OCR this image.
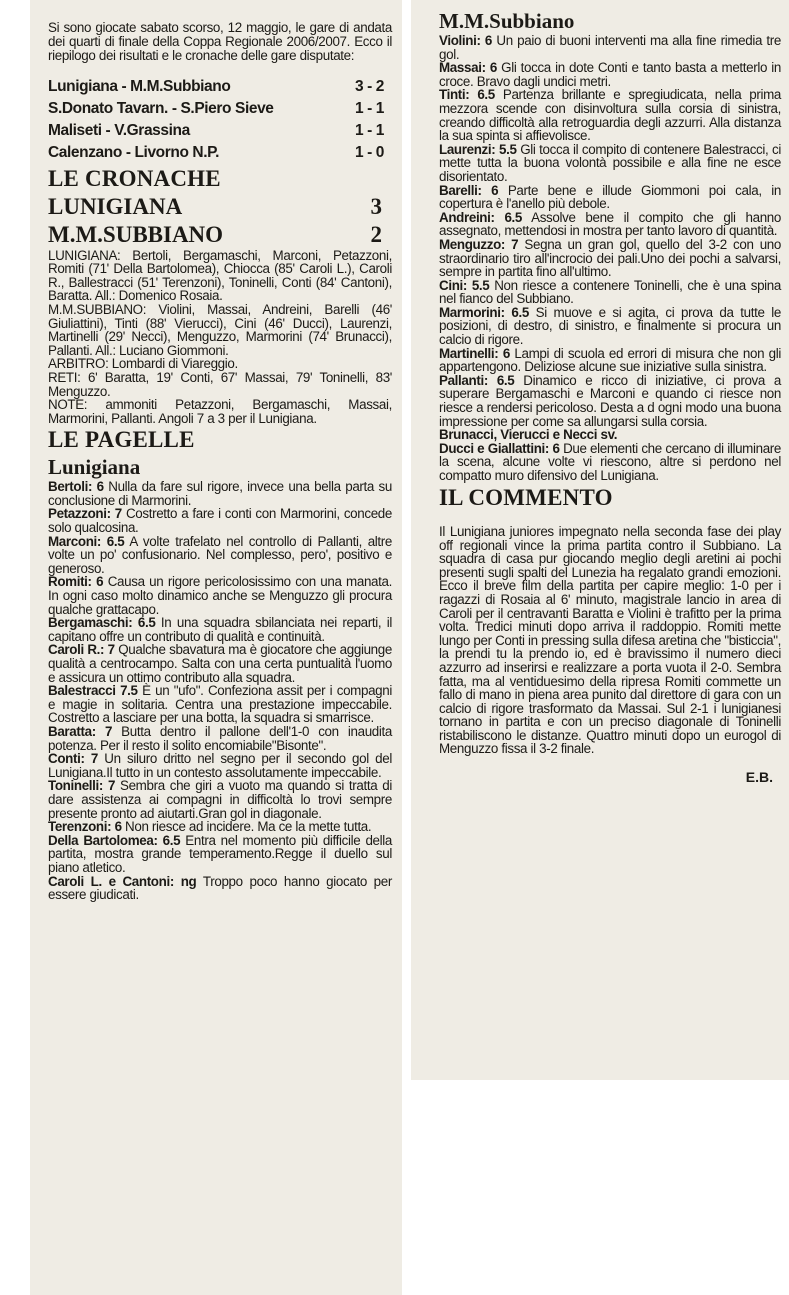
Si sono giocate sabato scorso, 12 maggio, le gare di andata dei quarti di finale della Coppa Regionale 2006/2007. Ecco il riepilogo dei risultati e le cronache delle gare disputate:

Lunigiana - M.M.Subbiano	3 - 2
S.Donato Tavarn. - S.Piero Sieve	1 - 1
Maliseti - V.Grassina	1 - 1
Calenzano - Livorno N.P.	1 - 0
LE CRONACHE
LUNIGIANA	3
M.M.SUBBIANO	2

LUNIGIANA: Bertoli, Bergamaschi, Marconi, Petazzoni, Romiti (71' Della Bartolomea), Chiocca (85' Caroli L.), Caroli R., Ballestracci (51' Terenzoni), Toninelli, Conti (84' Cantoni), Baratta. All.: Domenico Rosaia.

M.M.SUBBIANO: Violini, Massai, Andreini, Barelli (46' Giuliattini), Tinti (88' Vierucci), Cini (46' Ducci), Laurenzi, Martinelli (29' Necci), Menguzzo, Marmorini (74' Brunacci), Pallanti. All.: Luciano Giommoni.

ARBITRO: Lombardi di Viareggio.

RETI: 6' Baratta, 19' Conti, 67' Massai, 79' Toninelli, 83' Menguzzo.

NOTE: ammoniti Petazzoni, Bergamaschi, Massai, Marmorini, Pallanti. Angoli 7 a 3 per il Lunigiana.

LE PAGELLE
Lunigiana

Bertoli: 6 Nulla da fare sul rigore, invece una bella parta su conclusione di Marmorini.

Petazzoni: 7 Costretto a fare i conti con Marmorini, concede solo qualcosina.

Marconi: 6.5 A volte trafelato nel controllo di Pallanti, altre volte un po' confusionario. Nel complesso, pero', positivo e generoso.

Romiti: 6 Causa un rigore pericolosissimo con una manata. In ogni caso molto dinamico anche se Menguzzo gli procura qualche grattacapo.

Bergamaschi: 6.5 In una squadra sbilanciata nei reparti, il capitano offre un contributo di qualità e continuità.

Caroli R.: 7 Qualche sbavatura ma è giocatore che aggiunge qualità a centrocampo. Salta con una certa puntualità l'uomo e assicura un ottimo contributo alla squadra.

Balestracci 7.5 È un "ufo". Confeziona assit per i compagni e magie in solitaria. Centra una prestazione impeccabile. Costretto a lasciare per una botta, la squadra si smarrisce.

Baratta: 7 Butta dentro il pallone dell'1-0 con inaudita potenza. Per il resto il solito encomiabile"Bisonte".

Conti: 7 Un siluro dritto nel segno per il secondo gol del Lunigiana.Il tutto in un contesto assolutamente impeccabile.

Toninelli: 7 Sembra che giri a vuoto ma quando si tratta di dare assistenza ai compagni in difficoltà lo trovi sempre presente pronto ad aiutarti.Gran gol in diagonale.

Terenzoni: 6 Non riesce ad incidere. Ma ce la mette tutta.

Della Bartolomea: 6.5 Entra nel momento più difficile della partita, mostra grande temperamento.Regge il duello sul piano atletico.

Caroli L. e Cantoni: ng Troppo poco hanno giocato per essere giudicati.

M.M.Subbiano

Violini: 6 Un paio di buoni interventi ma alla fine rimedia tre gol.

Massai: 6 Gli tocca in dote Conti e tanto basta a metterlo in croce. Bravo dagli undici metri.

Tinti: 6.5 Partenza brillante e spregiudicata, nella prima mezzora scende con disinvoltura sulla corsia di sinistra, creando difficoltà alla retroguardia degli azzurri. Alla distanza la sua spinta si affievolisce.

Laurenzi: 5.5 Gli tocca il compito di contenere Balestracci, ci mette tutta la buona volontà possibile e alla fine ne esce disorientato.

Barelli: 6 Parte bene e illude Giommoni poi cala, in copertura è l'anello più debole.

Andreini: 6.5 Assolve bene il compito che gli hanno assegnato, mettendosi in mostra per tanto lavoro di quantità.

Menguzzo: 7 Segna un gran gol, quello del 3-2 con uno straordinario tiro all'incrocio dei pali.Uno dei pochi a salvarsi, sempre in partita fino all'ultimo.

Cini: 5.5 Non riesce a contenere Toninelli, che è una spina nel fianco del Subbiano.

Marmorini: 6.5 Si muove e si agita, ci prova da tutte le posizioni, di destro, di sinistro, e finalmente si procura un calcio di rigore.

Martinelli: 6 Lampi di scuola ed errori di misura che non gli appartengono. Deliziose alcune sue iniziative sulla sinistra.

Pallanti: 6.5 Dinamico e ricco di iniziative, ci prova a superare Bergamaschi e Marconi e quando ci riesce non riesce a rendersi pericoloso. Desta a d ogni modo una buona impressione per come sa allungarsi sulla corsia.

Brunacci, Vierucci e Necci sv.

Ducci e Giallattini: 6 Due elementi che cercano di illuminare la scena, alcune volte vi riescono, altre si perdono nel compatto muro difensivo del Lunigiana.

IL COMMENTO

Il Lunigiana juniores impegnato nella seconda fase dei play off regionali vince la prima partita contro il Subbiano. La squadra di casa pur giocando meglio degli aretini ai pochi presenti sugli spalti del Lunezia ha regalato grandi emozioni. Ecco il breve film della partita per capire meglio: 1-0 per i ragazzi di Rosaia al 6' minuto, magistrale lancio in area di Caroli per il centravanti Baratta e Violini è trafitto per la prima volta. Tredici minuti dopo arriva il raddoppio. Romiti mette lungo per Conti in pressing sulla difesa aretina che "bisticcia", la prendi tu la prendo io, ed è bravissimo il numero dieci azzurro ad inserirsi e realizzare a porta vuota il 2-0. Sembra fatta, ma al ventiduesimo della ripresa Romiti commette un fallo di mano in piena area punito dal direttore di gara con un calcio di rigore trasformato da Massai. Sul 2-1 i lunigianesi tornano in partita e con un preciso diagonale di Toninelli ristabiliscono le distanze. Quattro minuti dopo un eurogol di Menguzzo fissa il 3-2 finale.

E.B.
